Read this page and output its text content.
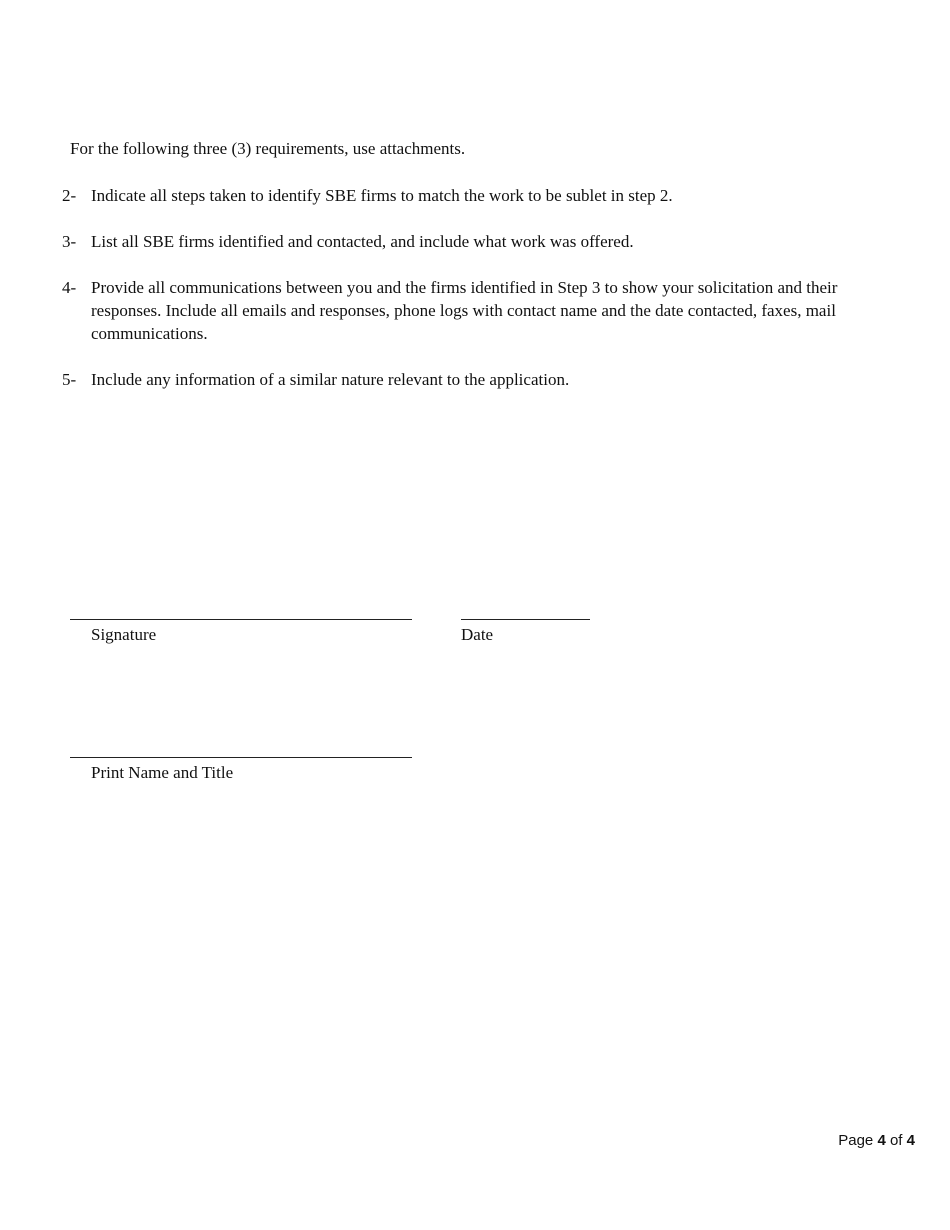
For the following three (3) requirements, use attachments.
2- Indicate all steps taken to identify SBE firms to match the work to be sublet in step 2.
3- List all SBE firms identified and contacted, and include what work was offered.
4- Provide all communications between you and the firms identified in Step 3 to show your solicitation and their responses. Include all emails and responses, phone logs with contact name and the date contacted, faxes, mail communications.
5- Include any information of a similar nature relevant to the application.
Signature	Date
Print Name and Title
Page 4 of 4
